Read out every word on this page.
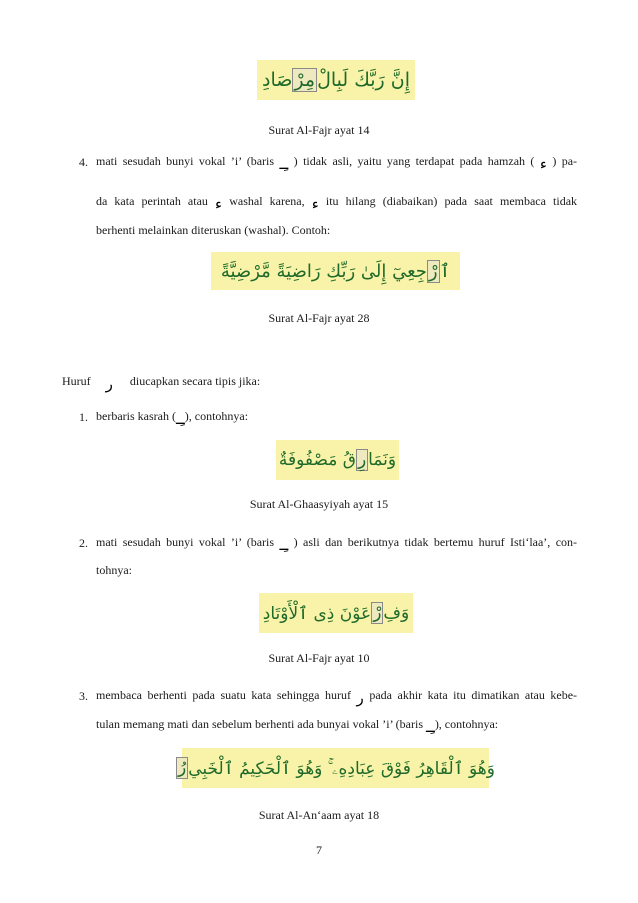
إِنَّ رَبَّكَ لَبِالْ
مِرْ
صَادِ
Surat Al-Fajr ayat 14
4. mati sesudah bunyi vokal ’i’ (baris ـِـ ) tidak asli, yaitu yang terdapat pada hamzah ( ء ) pa-
da kata perintah atau ء washal karena, ء itu hilang (diabaikan) pada saat membaca tidak
berhenti melainkan diteruskan (washal). Contoh:
ٱ
رْ
جِعِيٓ إِلَىٰ رَبِّكِ رَاضِيَةً مَّرْضِيَّةً
Surat Al-Fajr ayat 28
Huruf ر diucapkan secara tipis jika:
1. berbaris kasrah (ـِـ), contohnya:
وَنَمَا
رِ
قُ مَصْفُوفَةٌ
Surat Al-Ghaasyiyah ayat 15
2. mati sesudah bunyi vokal ’i’ (baris ـِـ ) asli dan berikutnya tidak bertemu huruf Isti‘laa’, con-
tohnya:
وَفِ
رْ
عَوْنَ ذِى ٱلْأَوْتَادِ
Surat Al-Fajr ayat 10
3. membaca berhenti pada suatu kata sehingga huruf ر pada akhir kata itu dimatikan atau kebe-
tulan memang mati dan sebelum berhenti ada bunyai vokal ’i’ (baris ـِـ), contohnya:
وَهُوَ ٱلْقَاهِرُ فَوْقَ عِبَادِهِۦ ۚ وَهُوَ ٱلْحَكِيمُ ٱلْخَبِي
رُ
Surat Al-An‘aam ayat 18
7
